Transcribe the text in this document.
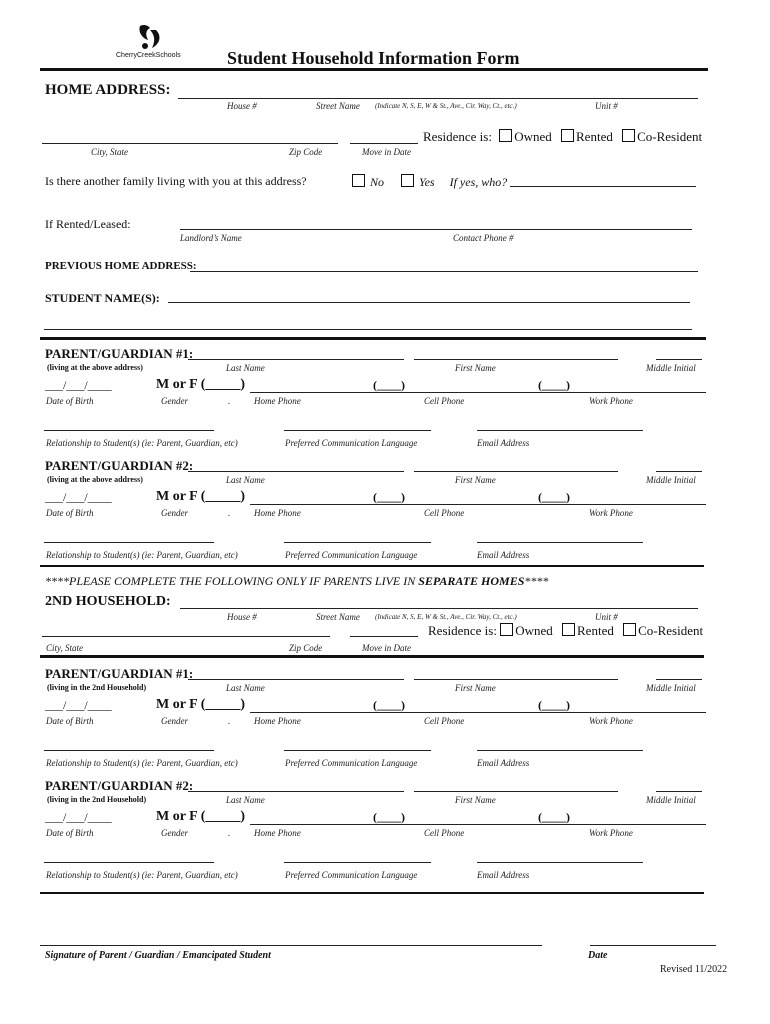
CherryCreekSchools	Student Household Information Form
HOME ADDRESS:
House #	Street Name (Indicate N, S, E, W & St., Ave., Cir. Way, Ct., etc.)	Unit #
Residence is: Owned Rented Co-Resident
City, State	Zip Code	Move in Date
Is there another family living with you at this address?	No	Yes If yes, who?
If Rented/Leased:
Landlord’s Name	Contact Phone #
PREVIOUS HOME ADDRESS:
STUDENT NAME(S):
PARENT/GUARDIAN #1:
(living at the above address)	Last Name	First Name	Middle Initial
___/___/____	M or F (_____)	(____)	(____)
Date of Birth	Gender	.	Home Phone	Cell Phone	Work Phone
Relationship to Student(s) (ie: Parent, Guardian, etc)	Preferred Communication Language	Email Address
PARENT/GUARDIAN #2:
(living at the above address)	Last Name	First Name	Middle Initial
___/___/____	M or F (_____)	(____)	(____)
Date of Birth	Gender	.	Home Phone	Cell Phone	Work Phone
Relationship to Student(s) (ie: Parent, Guardian, etc)	Preferred Communication Language	Email Address
****PLEASE COMPLETE THE FOLLOWING ONLY IF PARENTS LIVE IN SEPARATE HOMES****
2ND HOUSEHOLD:
House #	Street Name (Indicate N, S, E, W & St., Ave., Cir. Way, Ct., etc.)	Unit #
Residence is: Owned Rented Co-Resident
City, State	Zip Code	Move in Date
PARENT/GUARDIAN #1:
(living in the 2nd Household)	Last Name	First Name	Middle Initial
___/___/____	M or F (_____)	(____)	(____)
Date of Birth	Gender	.	Home Phone	Cell Phone	Work Phone
Relationship to Student(s) (ie: Parent, Guardian, etc)	Preferred Communication Language	Email Address
PARENT/GUARDIAN #2:
(living in the 2nd Household)	Last Name	First Name	Middle Initial
___/___/____	M or F (_____)	(____)	(____)
Date of Birth	Gender	.	Home Phone	Cell Phone	Work Phone
Relationship to Student(s) (ie: Parent, Guardian, etc)	Preferred Communication Language	Email Address
Signature of Parent / Guardian / Emancipated Student	Date
Revised 11/2022
